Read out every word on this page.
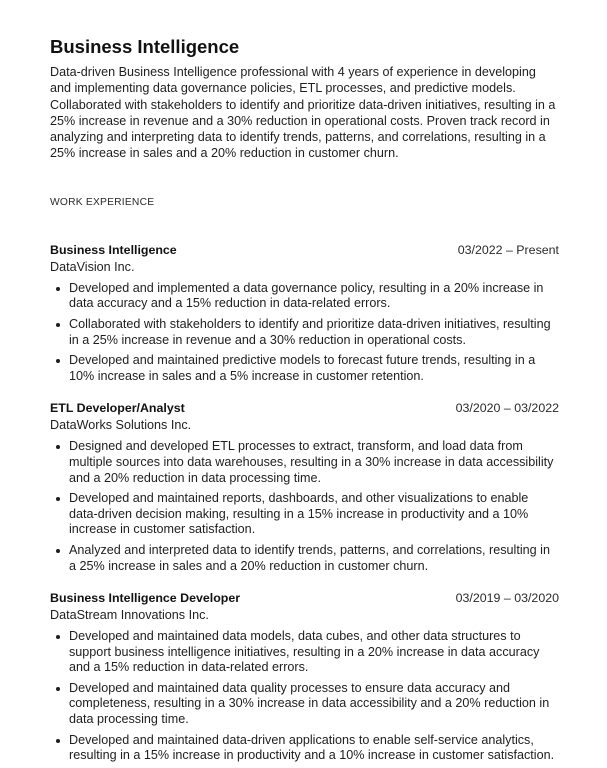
Business Intelligence

Data-driven Business Intelligence professional with 4 years of experience in developing and implementing data governance policies, ETL processes, and predictive models. Collaborated with stakeholders to identify and prioritize data-driven initiatives, resulting in a 25% increase in revenue and a 30% reduction in operational costs. Proven track record in analyzing and interpreting data to identify trends, patterns, and correlations, resulting in a 25% increase in sales and a 20% reduction in customer churn.

WORK EXPERIENCE
Business Intelligence	03/2022 – Present
DataVision Inc.
Developed and implemented a data governance policy, resulting in a 20% increase in data accuracy and a 15% reduction in data-related errors.
Collaborated with stakeholders to identify and prioritize data-driven initiatives, resulting in a 25% increase in revenue and a 30% reduction in operational costs.
Developed and maintained predictive models to forecast future trends, resulting in a 10% increase in sales and a 5% increase in customer retention.
ETL Developer/Analyst	03/2020 – 03/2022
DataWorks Solutions Inc.
Designed and developed ETL processes to extract, transform, and load data from multiple sources into data warehouses, resulting in a 30% increase in data accessibility and a 20% reduction in data processing time.
Developed and maintained reports, dashboards, and other visualizations to enable data-driven decision making, resulting in a 15% increase in productivity and a 10% increase in customer satisfaction.
Analyzed and interpreted data to identify trends, patterns, and correlations, resulting in a 25% increase in sales and a 20% reduction in customer churn.
Business Intelligence Developer	03/2019 – 03/2020
DataStream Innovations Inc.
Developed and maintained data models, data cubes, and other data structures to support business intelligence initiatives, resulting in a 20% increase in data accuracy and a 15% reduction in data-related errors.
Developed and maintained data quality processes to ensure data accuracy and completeness, resulting in a 30% increase in data accessibility and a 20% reduction in data processing time.
Developed and maintained data-driven applications to enable self-service analytics, resulting in a 15% increase in productivity and a 10% increase in customer satisfaction.
